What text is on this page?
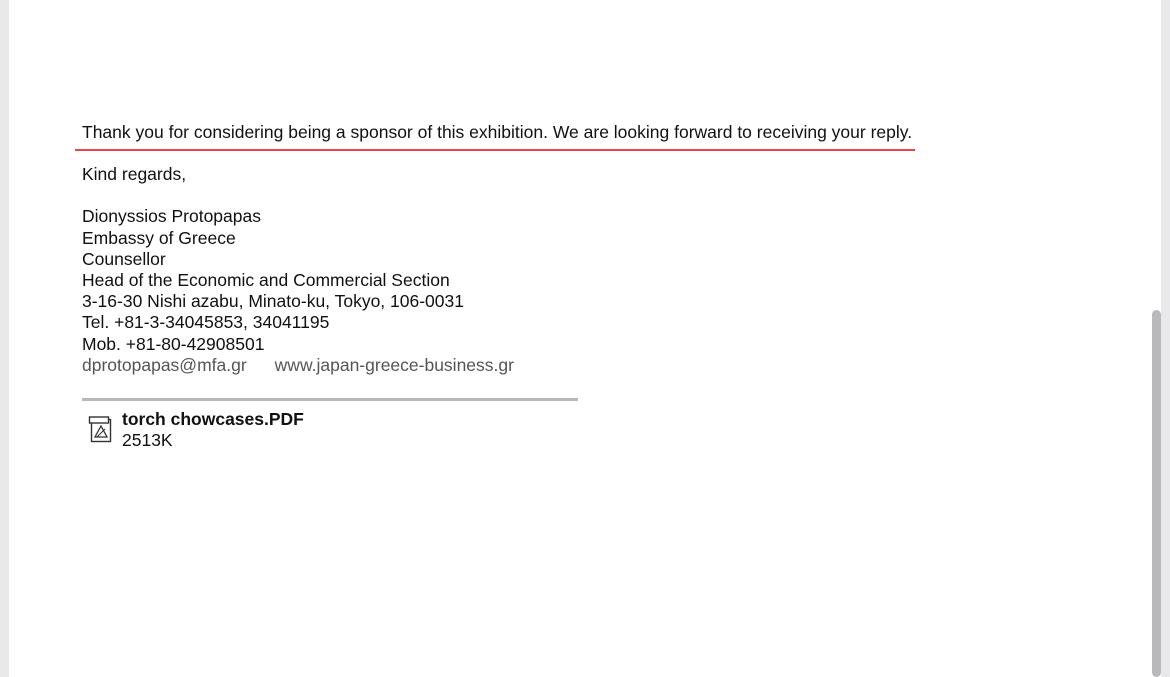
Thank you for considering being a sponsor of this exhibition. We are looking forward to receiving your reply.
Kind regards,
Dionyssios Protopapas
Embassy of Greece
Counsellor
Head of the Economic and Commercial Section
3-16-30 Nishi azabu, Minato-ku, Tokyo, 106-0031
Tel. +81-3-34045853, 34041195
Mob. +81-80-42908501
dprotopapas@mfa.gr www.japan-greece-business.gr
torch chowcases.PDF
2513K
